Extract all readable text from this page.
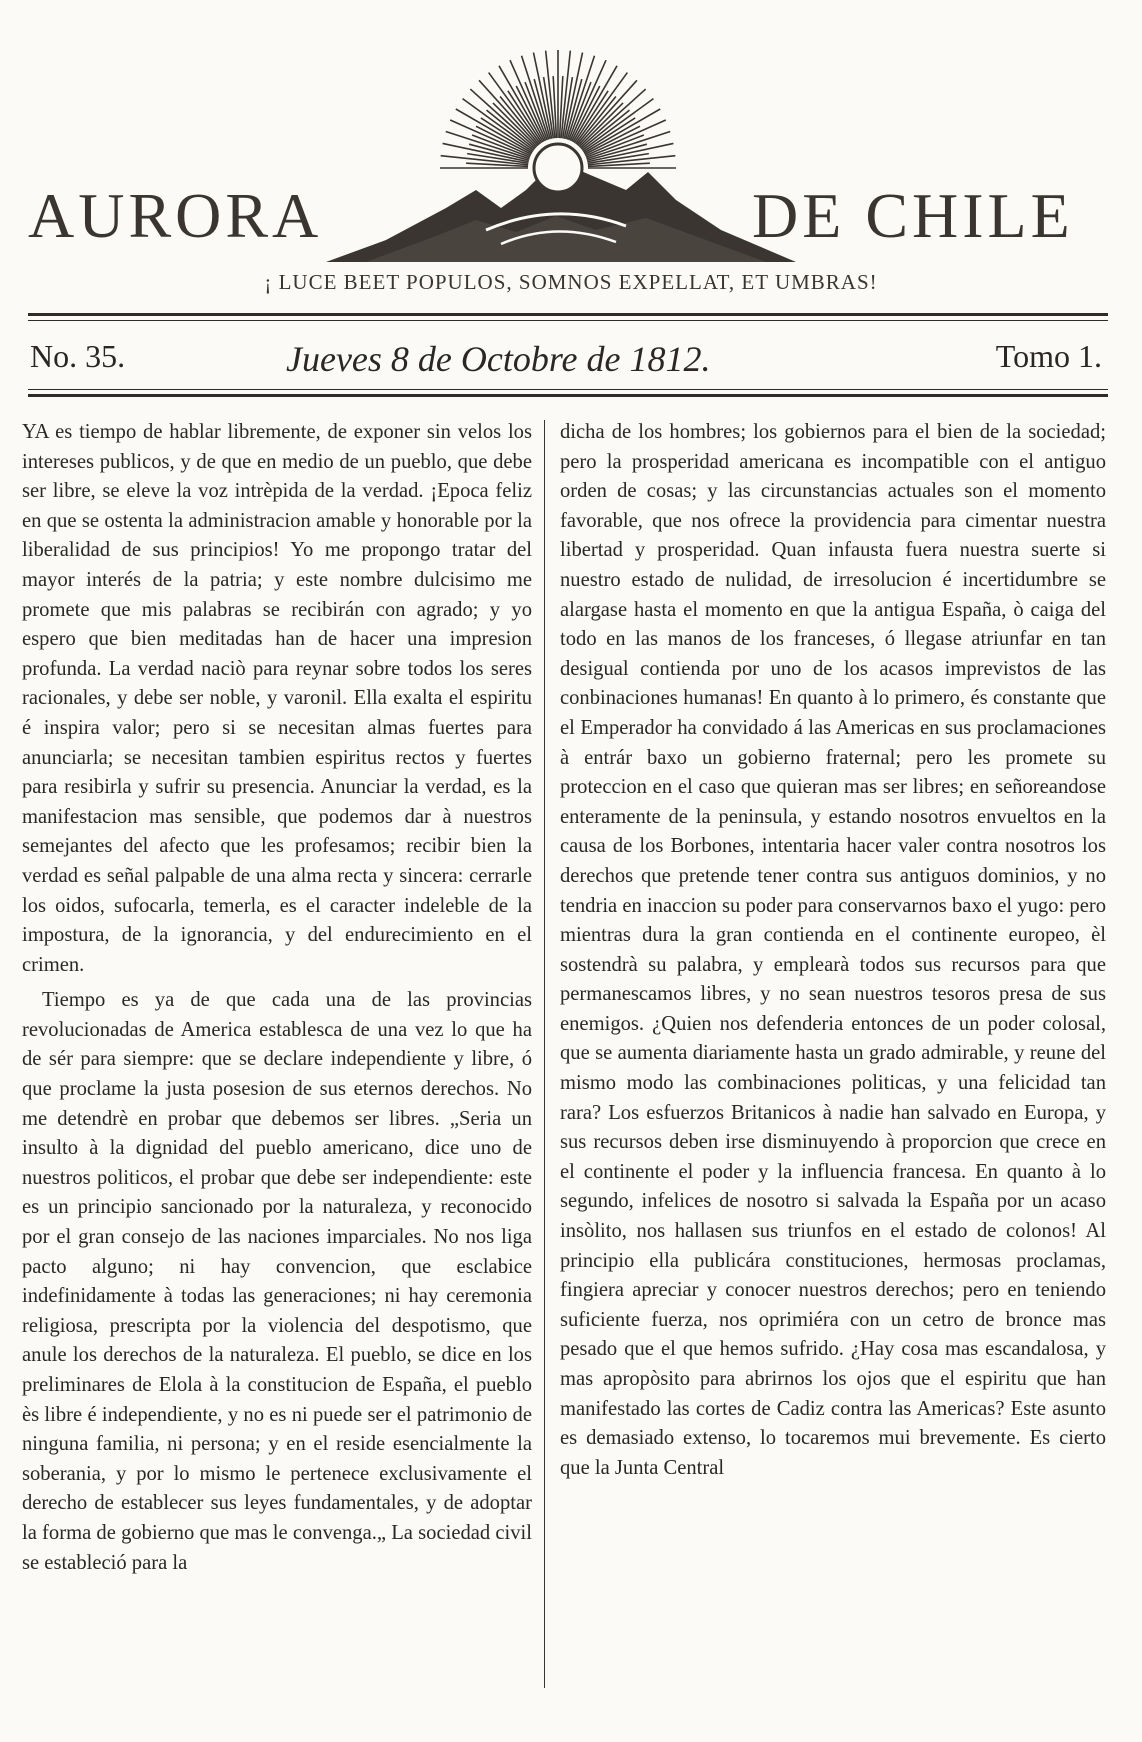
AURORA	DE CHILE
¡ LUCE BEET POPULOS, SOMNOS EXPELLAT, ET UMBRAS!
No. 35.	Jueves 8 de Octobre de 1812.	Tomo 1.

YA es tiempo de hablar libremente, de exponer sin velos los intereses publicos, y de que en medio de un pueblo, que debe ser libre, se eleve la voz intrèpida de la verdad. ¡Epoca feliz en que se ostenta la administracion amable y honorable por la liberalidad de sus principios! Yo me propongo tratar del mayor interés de la patria; y este nombre dulcisimo me promete que mis palabras se recibirán con agrado; y yo espero que bien meditadas han de hacer una impresion profunda. La verdad naciò para reynar sobre todos los seres racionales, y debe ser noble, y varonil. Ella exalta el espiritu é inspira valor; pero si se necesitan almas fuertes para anunciarla; se necesitan tambien espiritus rectos y fuertes para resibirla y sufrir su presencia. Anunciar la verdad, es la manifestacion mas sensible, que podemos dar à nuestros semejantes del afecto que les profesamos; recibir bien la verdad es señal palpable de una alma recta y sincera: cerrarle los oidos, sufocarla, temerla, es el caracter indeleble de la impostura, de la ignorancia, y del endurecimiento en el crimen.

Tiempo es ya de que cada una de las provincias revolucionadas de America establesca de una vez lo que ha de sér para siempre: que se declare independiente y libre, ó que proclame la justa posesion de sus eternos derechos. No me detendrè en probar que debemos ser libres. „Seria un insulto à la dignidad del pueblo americano, dice uno de nuestros politicos, el probar que debe ser independiente: este es un principio sancionado por la naturaleza, y reconocido por el gran consejo de las naciones imparciales. No nos liga pacto alguno; ni hay convencion, que esclabice indefinidamente à todas las generaciones; ni hay ceremonia religiosa, prescripta por la violencia del despotismo, que anule los derechos de la naturaleza. El pueblo, se dice en los preliminares de Elola à la constitucion de España, el pueblo ès libre é independiente, y no es ni puede ser el patrimonio de ninguna familia, ni persona; y en el reside esencialmente la soberania, y por lo mismo le pertenece exclusivamente el derecho de establecer sus leyes fundamentales, y de adoptar la forma de gobierno que mas le convenga.„ La sociedad civil se estableció para la

dicha de los hombres; los gobiernos para el bien de la sociedad; pero la prosperidad americana es incompatible con el antiguo orden de cosas; y las circunstancias actuales son el momento favorable, que nos ofrece la providencia para cimentar nuestra libertad y prosperidad. Quan infausta fuera nuestra suerte si nuestro estado de nulidad, de irresolucion é incertidumbre se alargase hasta el momento en que la antigua España, ò caiga del todo en las manos de los franceses, ó llegase atriunfar en tan desigual contienda por uno de los acasos imprevistos de las conbinaciones humanas! En quanto à lo primero, és constante que el Emperador ha convidado á las Americas en sus proclamaciones à entrár baxo un gobierno fraternal; pero les promete su proteccion en el caso que quieran mas ser libres; en señoreandose enteramente de la peninsula, y estando nosotros envueltos en la causa de los Borbones, intentaria hacer valer contra nosotros los derechos que pretende tener contra sus antiguos dominios, y no tendria en inaccion su poder para conservarnos baxo el yugo: pero mientras dura la gran contienda en el continente europeo, èl sostendrà su palabra, y emplearà todos sus recursos para que permanescamos libres, y no sean nuestros tesoros presa de sus enemigos. ¿Quien nos defenderia entonces de un poder colosal, que se aumenta diariamente hasta un grado admirable, y reune del mismo modo las combinaciones politicas, y una felicidad tan rara? Los esfuerzos Britanicos à nadie han salvado en Europa, y sus recursos deben irse disminuyendo à proporcion que crece en el continente el poder y la influencia francesa. En quanto à lo segundo, infelices de nosotro si salvada la España por un acaso insòlito, nos hallasen sus triunfos en el estado de colonos! Al principio ella publicára constituciones, hermosas proclamas, fingiera apreciar y conocer nuestros derechos; pero en teniendo suficiente fuerza, nos oprimiéra con un cetro de bronce mas pesado que el que hemos sufrido. ¿Hay cosa mas escandalosa, y mas apropòsito para abrirnos los ojos que el espiritu que han manifestado las cortes de Cadiz contra las Americas? Este asunto es demasiado extenso, lo tocaremos mui brevemente. Es cierto que la Junta Central
